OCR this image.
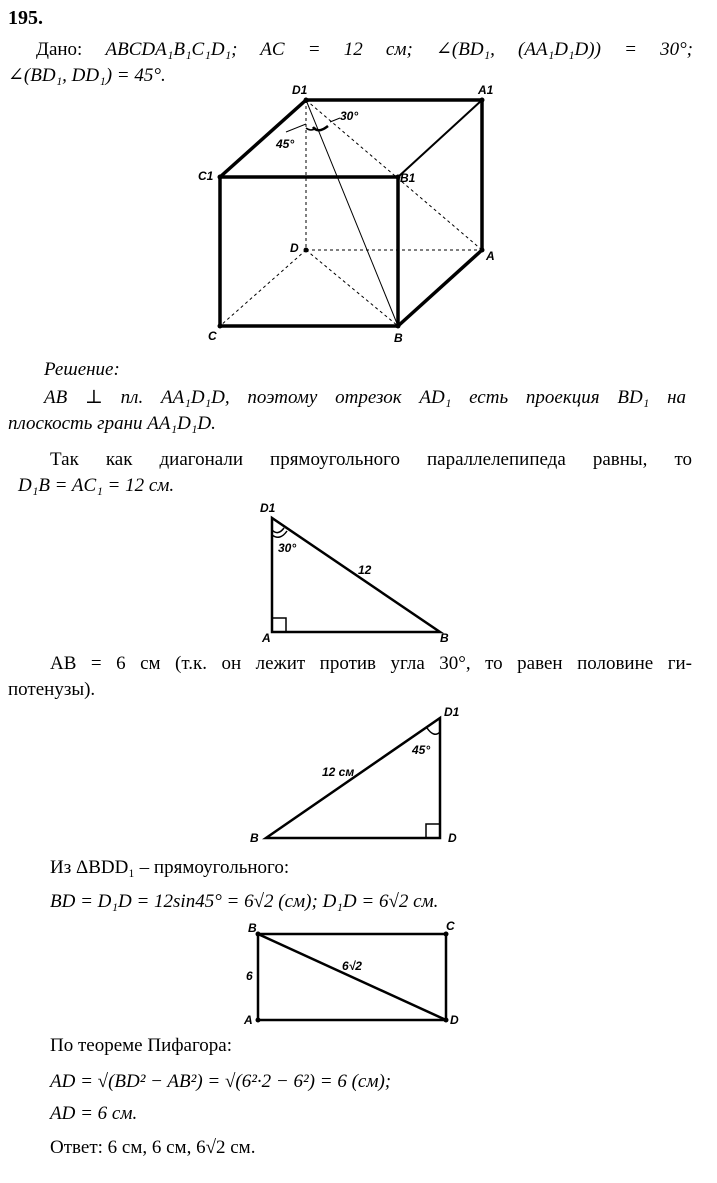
195.
Дано: ABCDA₁B₁C₁D₁; AC = 12 см; ∠(BD₁, (AA₁D₁D)) = 30°;
∠(BD₁, DD₁) = 45°.
D1	A1
C1	B1
D
A
C	B
30°
45°
Решение:
AB ⊥ пл. AA₁D₁D, поэтому отрезок AD₁ есть проекция BD₁ на
плоскость грани AA₁D₁D.
Так как диагонали прямоугольного параллелепипеда равны, то
D₁B = AC₁ = 12 см.
D1
A	B
30°
12
AB = 6 см (т.к. он лежит против угла 30°, то равен половине ги-
потенузы).
D1
B	D
45°
12 см
Из ΔBDD₁ – прямоугольного:
BD = D₁D = 12sin45° = 6√2 (см); D₁D = 6√2 см.
B	C
A	D
6
6√2
По теореме Пифагора:
AD = √(BD² − AB²) = √(6²·2 − 6²) = 6 (см);
AD = 6 см.
Ответ: 6 см, 6 см, 6√2 см.
